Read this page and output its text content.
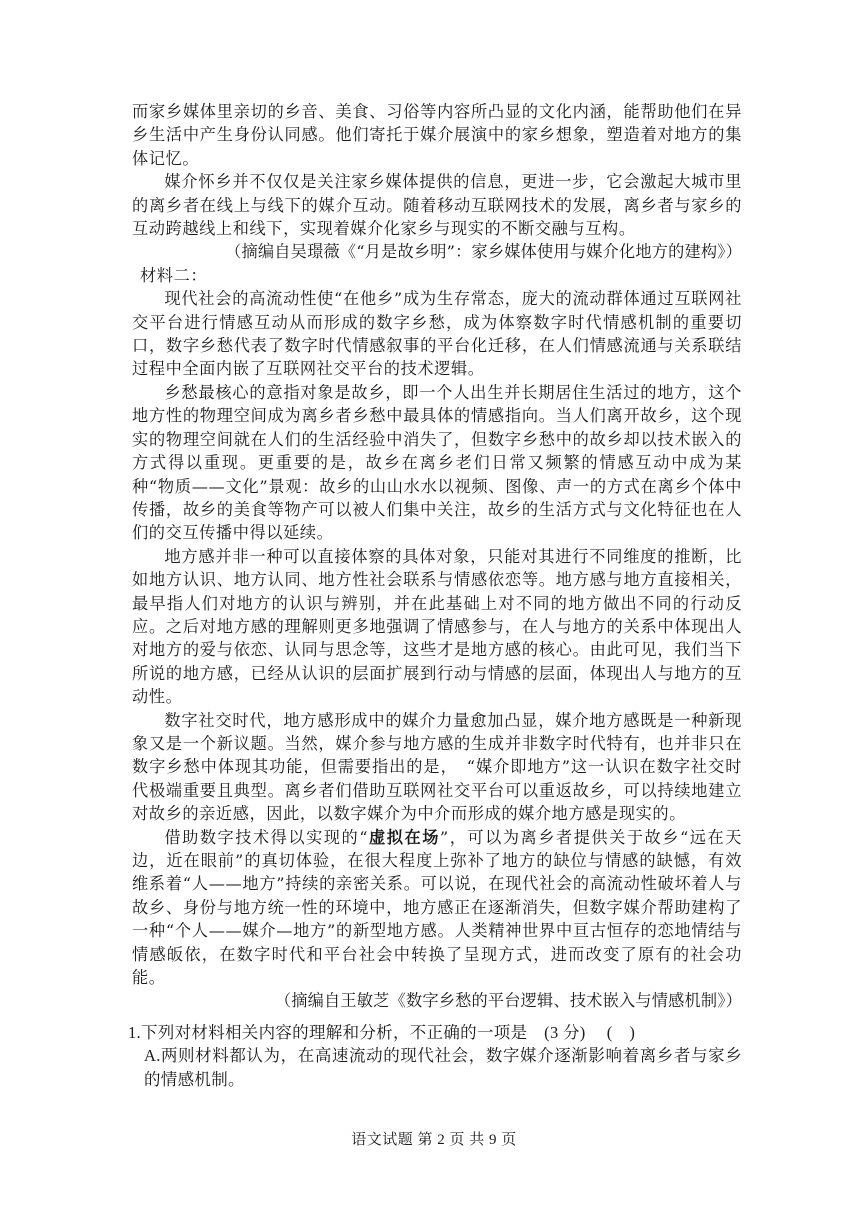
而家乡媒体里亲切的乡音、美食、习俗等内容所凸显的文化内涵，能帮助他们在异乡生活中产生身份认同感。他们寄托于媒介展演中的家乡想象，塑造着对地方的集体记忆。

媒介怀乡并不仅仅是关注家乡媒体提供的信息，更进一步，它会激起大城市里的离乡者在线上与线下的媒介互动。随着移动互联网技术的发展，离乡者与家乡的互动跨越线上和线下，实现着媒介化家乡与现实的不断交融与互构。

（摘编自吴璟薇《“月是故乡明”：家乡媒体使用与媒介化地方的建构》）

材料二：

现代社会的高流动性使“在他乡”成为生存常态，庞大的流动群体通过互联网社交平台进行情感互动从而形成的数字乡愁，成为体察数字时代情感机制的重要切口，数字乡愁代表了数字时代情感叙事的平台化迁移，在人们情感流通与关系联结过程中全面内嵌了互联网社交平台的技术逻辑。

乡愁最核心的意指对象是故乡，即一个人出生并长期居住生活过的地方，这个地方性的物理空间成为离乡者乡愁中最具体的情感指向。当人们离开故乡，这个现实的物理空间就在人们的生活经验中消失了，但数字乡愁中的故乡却以技术嵌入的方式得以重现。更重要的是，故乡在离乡老们日常又频繁的情感互动中成为某种“物质——文化”景观：故乡的山山水水以视频、图像、声一的方式在离乡个体中传播，故乡的美食等物产可以被人们集中关注，故乡的生活方式与文化特征也在人们的交互传播中得以延续。

地方感并非一种可以直接体察的具体对象，只能对其进行不同维度的推断，比如地方认识、地方认同、地方性社会联系与情感依恋等。地方感与地方直接相关，最早指人们对地方的认识与辨别，并在此基础上对不同的地方做出不同的行动反应。之后对地方感的理解则更多地强调了情感参与，在人与地方的关系中体现出人对地方的爱与依恋、认同与思念等，这些才是地方感的核心。由此可见，我们当下所说的地方感，已经从认识的层面扩展到行动与情感的层面，体现出人与地方的互动性。

数字社交时代，地方感形成中的媒介力量愈加凸显，媒介地方感既是一种新现象又是一个新议题。当然，媒介参与地方感的生成并非数字时代特有，也并非只在数字乡愁中体现其功能，但需要指出的是，　“媒介即地方”这一认识在数字社交时代极端重要且典型。离乡者们借助互联网社交平台可以重返故乡，可以持续地建立对故乡的亲近感，因此，以数字媒介为中介而形成的媒介地方感是现实的。

借助数字技术得以实现的“虚拟在场”，可以为离乡者提供关于故乡“远在天边，近在眼前”的真切体验，在很大程度上弥补了地方的缺位与情感的缺憾，有效维系着“人——地方”持续的亲密关系。可以说，在现代社会的高流动性破坏着人与故乡、身份与地方统一性的环境中，地方感正在逐渐消失，但数字媒介帮助建构了一种“个人——媒介—地方”的新型地方感。人类精神世界中亘古恒存的恋地情结与情感皈依，在数字时代和平台社会中转换了呈现方式，进而改变了原有的社会功能。

（摘编自王敏芝《数字乡愁的平台逻辑、技术嵌入与情感机制》）

1.下列对材料相关内容的理解和分析，不正确的一项是　(3 分)　 (　)

A.两则材料都认为，在高速流动的现代社会，数字媒介逐渐影响着离乡者与家乡的情感机制。

语文试题 第 2 页 共 9 页
